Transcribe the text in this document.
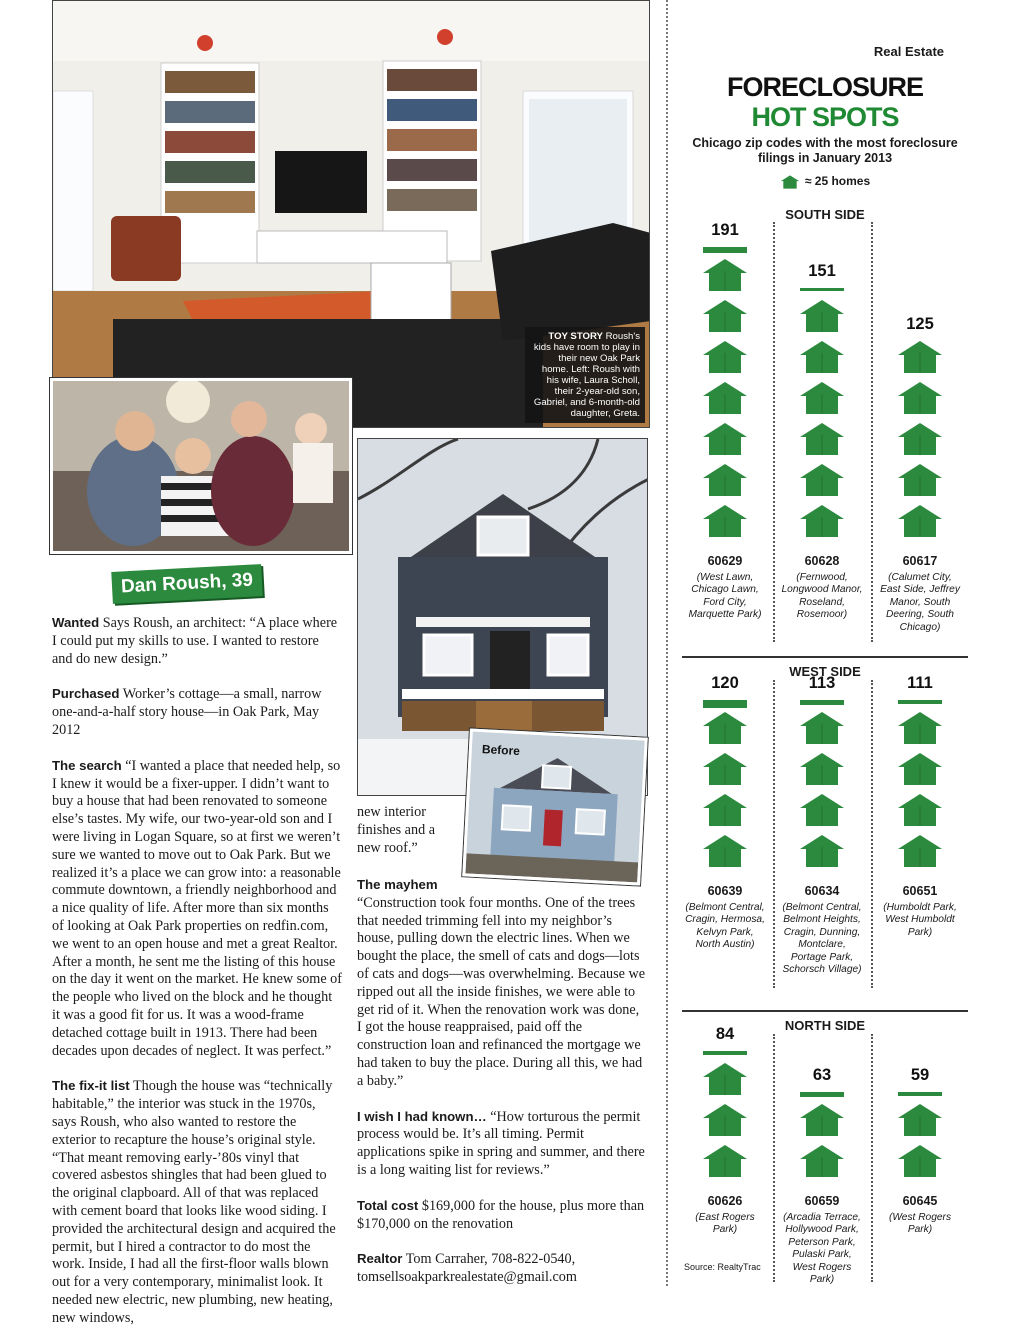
TOY STORY Roush's kids have room to play in their new Oak Park home. Left: Roush with his wife, Laura Scholl, their 2-year-old son, Gabriel, and 6-month-old daughter, Greta.
Before
Dan Roush, 39

Wanted Says Roush, an architect: “A place where I could put my skills to use. I wanted to restore and do new design.”

Purchased Worker’s cottage—a small, narrow one-and-a-half story house—in Oak Park, May 2012

The search “I wanted a place that needed help, so I knew it would be a fixer-upper. I didn’t want to buy a house that had been renovated to someone else’s tastes. My wife, our two-year-old son and I were living in Logan Square, so at first we weren’t sure we wanted to move out to Oak Park. But we realized it’s a place we can grow into: a reasonable commute downtown, a friendly neighborhood and a nice quality of life. After more than six months of looking at Oak Park properties on redfin.com, we went to an open house and met a great Realtor. After a month, he sent me the listing of this house on the day it went on the market. He knew some of the people who lived on the block and he thought it was a good fit for us. It was a wood-frame detached cottage built in 1913. There had been decades upon decades of neglect. It was perfect.”

The fix-it list Though the house was “technically habitable,” the interior was stuck in the 1970s, says Roush, who also wanted to restore the exterior to recapture the house’s original style. “That meant removing early-’80s vinyl that covered asbestos shingles that had been glued to the original clapboard. All of that was replaced with cement board that looks like wood siding. I provided the architectural design and acquired the permit, but I hired a contractor to do most the work. Inside, I had all the first-floor walls blown out for a very contemporary, minimalist look. It needed new electric, new plumbing, new heating, new windows,

new interior finishes and a new roof.”

The mayhem
“Construction took four months. One of the trees that needed trimming fell into my neighbor’s house, pulling down the electric lines. When we bought the place, the smell of cats and dogs—lots of cats and dogs—was overwhelming. Because we ripped out all the inside finishes, we were able to get rid of it. When the renovation work was done, I got the house reappraised, paid off the construction loan and refinanced the mortgage we had taken to buy the place. During all this, we had a baby.”

I wish I had known… “How torturous the permit process would be. It’s all timing. Permit applications spike in spring and summer, and there is a long waiting list for reviews.”

Total cost $169,000 for the house, plus more than $170,000 on the renovation

Realtor Tom Carraher, 708-822-0540,
tomsellsoakparkrealestate@gmail.com

Real Estate
FORECLOSURE
HOT SPOTS
Chicago zip codes with the most foreclosure filings in January 2013
≈ 25 homes
SOUTH SIDE
191
60629
(West Lawn, Chicago Lawn, Ford City, Marquette Park)
151
60628
(Fernwood, Longwood Manor, Roseland, Rosemoor)
125
60617
(Calumet City, East Side, Jeffrey Manor, South Deering, South Chicago)
WEST SIDE
120
60639
(Belmont Central, Cragin, Hermosa, Kelvyn Park, North Austin)
113
60634
(Belmont Central, Belmont Heights, Cragin, Dunning, Montclare, Portage Park, Schorsch Village)
111
60651
(Humboldt Park, West Humboldt Park)
NORTH SIDE
84
60626
(East Rogers Park)
63
60659
(Arcadia Terrace, Hollywood Park, Peterson Park, Pulaski Park, West Rogers Park)
59
60645
(West Rogers Park)
Source: RealtyTrac
